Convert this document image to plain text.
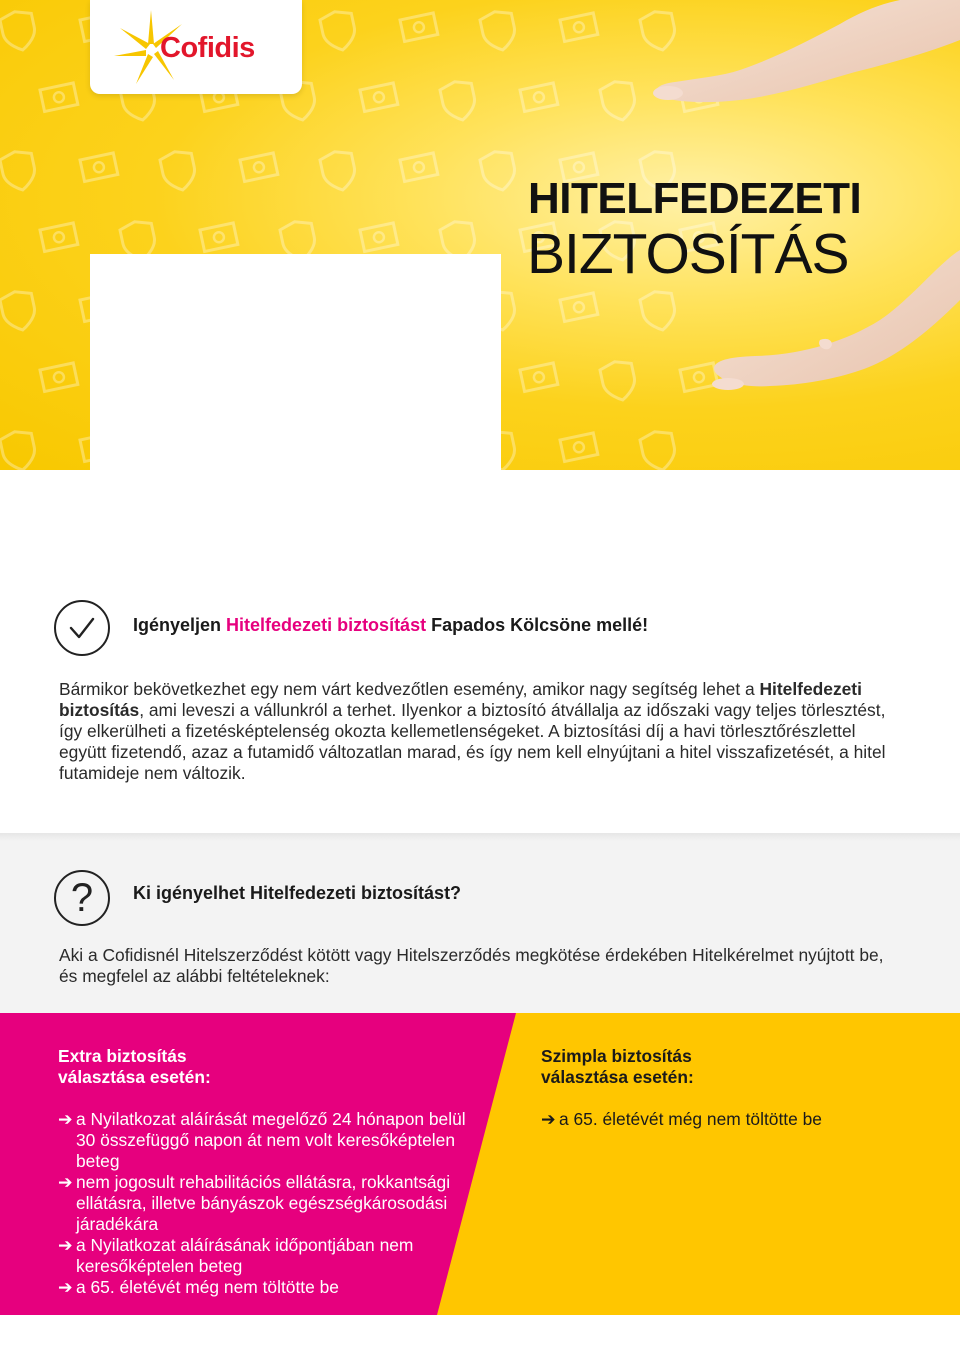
Cofidis
HITELFEDEZETI
BIZTOSÍTÁS
Igényeljen Hitelfedezeti biztosítást Fapados Kölcsöne mellé!
Bármikor bekövetkezhet egy nem várt kedvezőtlen esemény, amikor nagy segítség lehet a Hitelfedezeti biztosítás, ami leveszi a vállunkról a terhet. Ilyenkor a biztosító átvállalja az időszaki vagy teljes törlesztést, így elkerülheti a fizetésképtelenség okozta kellemetlenségeket. A biztosítási díj a havi törlesztőrészlettel együtt fizetendő, azaz a futamidő változatlan marad, és így nem kell elnyújtani a hitel visszafizetését, a hitel futamideje nem változik.
? Ki igényelhet Hitelfedezeti biztosítást?
Aki a Cofidisnél Hitelszerződést kötött vagy Hitelszerződés megkötése érdekében Hitelkérelmet nyújtott be, és megfelel az alábbi feltételeknek:
Extra biztosítás
választása esetén:
Szimpla biztosítás
választása esetén:
➔ a Nyilatkozat aláírását megelőző 24 hónapon belül 30 összefüggő napon át nem volt keresőképtelen beteg
➔ nem jogosult rehabilitációs ellátásra, rokkantsági ellátásra, illetve bányászok egészségkárosodási járadékára
➔ a Nyilatkozat aláírásának időpontjában nem keresőképtelen beteg
➔ a 65. életévét még nem töltötte be
➔ a 65. életévét még nem töltötte be
